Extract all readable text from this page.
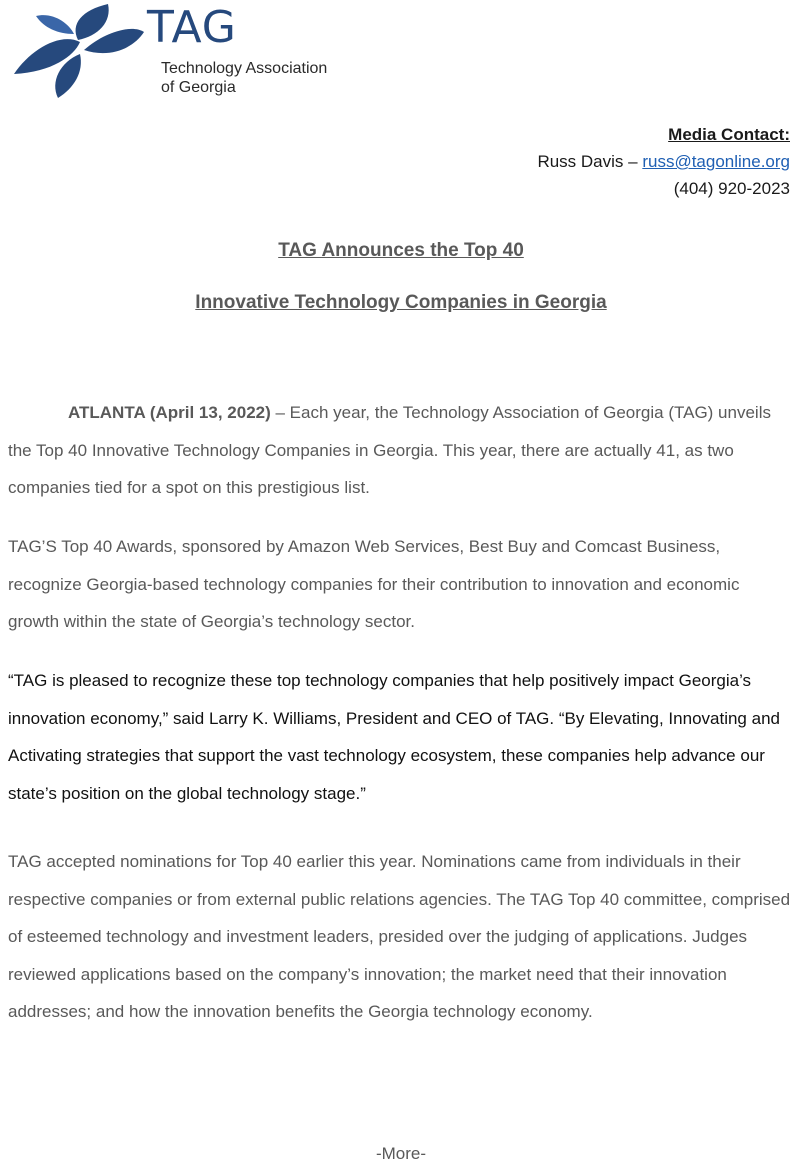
TAG
Technology Association
of Georgia
Media Contact:
Russ Davis – russ@tagonline.org
(404) 920-2023
TAG Announces the Top 40
Innovative Technology Companies in Georgia

ATLANTA (April 13, 2022) – Each year, the Technology Association of Georgia (TAG) unveils the Top 40 Innovative Technology Companies in Georgia. This year, there are actually 41, as two companies tied for a spot on this prestigious list.

TAG’S Top 40 Awards, sponsored by Amazon Web Services, Best Buy and Comcast Business, recognize Georgia-based technology companies for their contribution to innovation and economic growth within the state of Georgia’s technology sector.

“TAG is pleased to recognize these top technology companies that help positively impact Georgia’s innovation economy,” said Larry K. Williams, President and CEO of TAG. “By Elevating, Innovating and Activating strategies that support the vast technology ecosystem, these companies help advance our state’s position on the global technology stage.”

TAG accepted nominations for Top 40 earlier this year. Nominations came from individuals in their respective companies or from external public relations agencies. The TAG Top 40 committee, comprised of esteemed technology and investment leaders, presided over the judging of applications. Judges reviewed applications based on the company’s innovation; the market need that their innovation addresses; and how the innovation benefits the Georgia technology economy.

-More-
